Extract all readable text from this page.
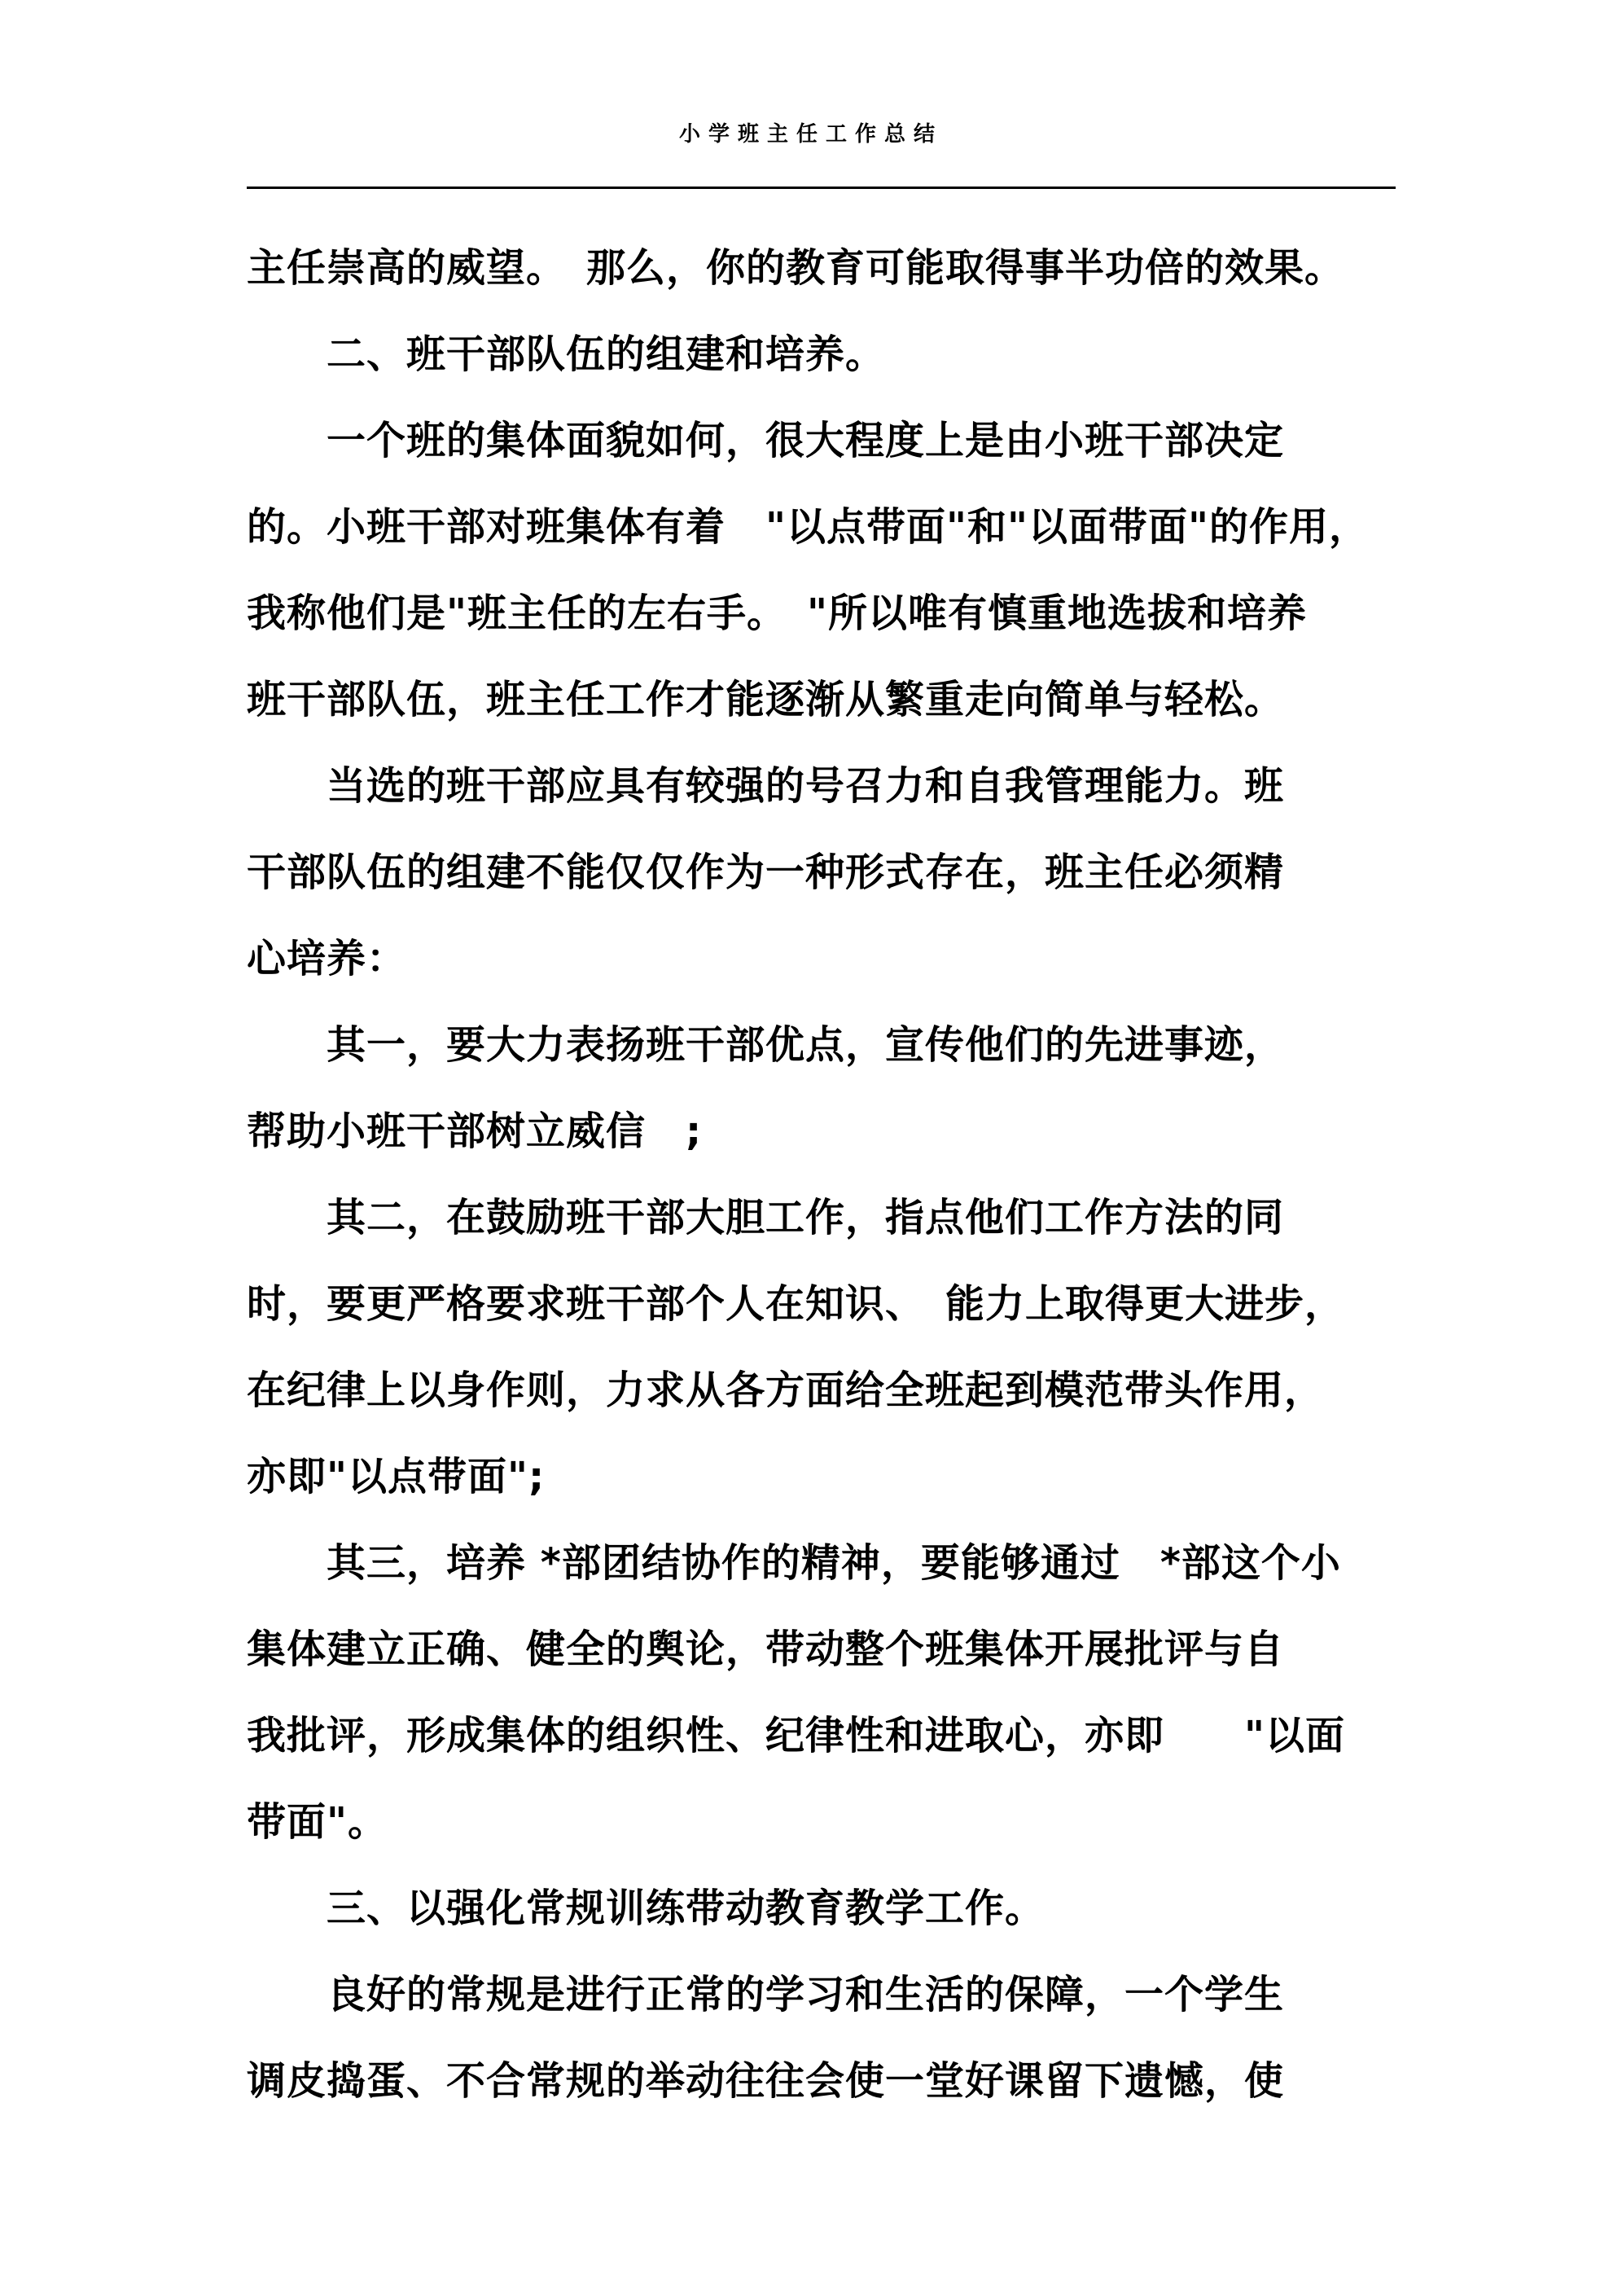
小学班主任工作总结
主任崇高的威望。　那么，你的教育可能取得事半功倍的效果。
　　二、班干部队伍的组建和培养。
　　一个班的集体面貌如何，很大程度上是由小班干部决定
的。小班干部对班集体有着　"以点带面"和"以面带面"的作用，
我称他们是"班主任的左右手。　"所以唯有慎重地选拔和培养
班干部队伍，班主任工作才能逐渐从繁重走向简单与轻松。
　　当选的班干部应具有较强的号召力和自我管理能力。班
干部队伍的组建不能仅仅作为一种形式存在，班主任必须精
心培养：
　　其一，要大力表扬班干部优点，宣传他们的先进事迹，
帮助小班干部树立威信　;
　　其二，在鼓励班干部大胆工作，指点他们工作方法的同
时，要更严格要求班干部个人在知识、　能力上取得更大进步，
在纪律上以身作则，力求从各方面给全班起到模范带头作用，
亦即"以点带面";
　　其三，培养 *部团结协作的精神，要能够通过　*部这个小
集体建立正确、健全的舆论，带动整个班集体开展批评与自
我批评，形成集体的组织性、纪律性和进取心，亦即　　"以面
带面"。
　　三、以强化常规训练带动教育教学工作。
　　良好的常规是进行正常的学习和生活的保障，一个学生
调皮捣蛋、不合常规的举动往往会使一堂好课留下遗憾，使
